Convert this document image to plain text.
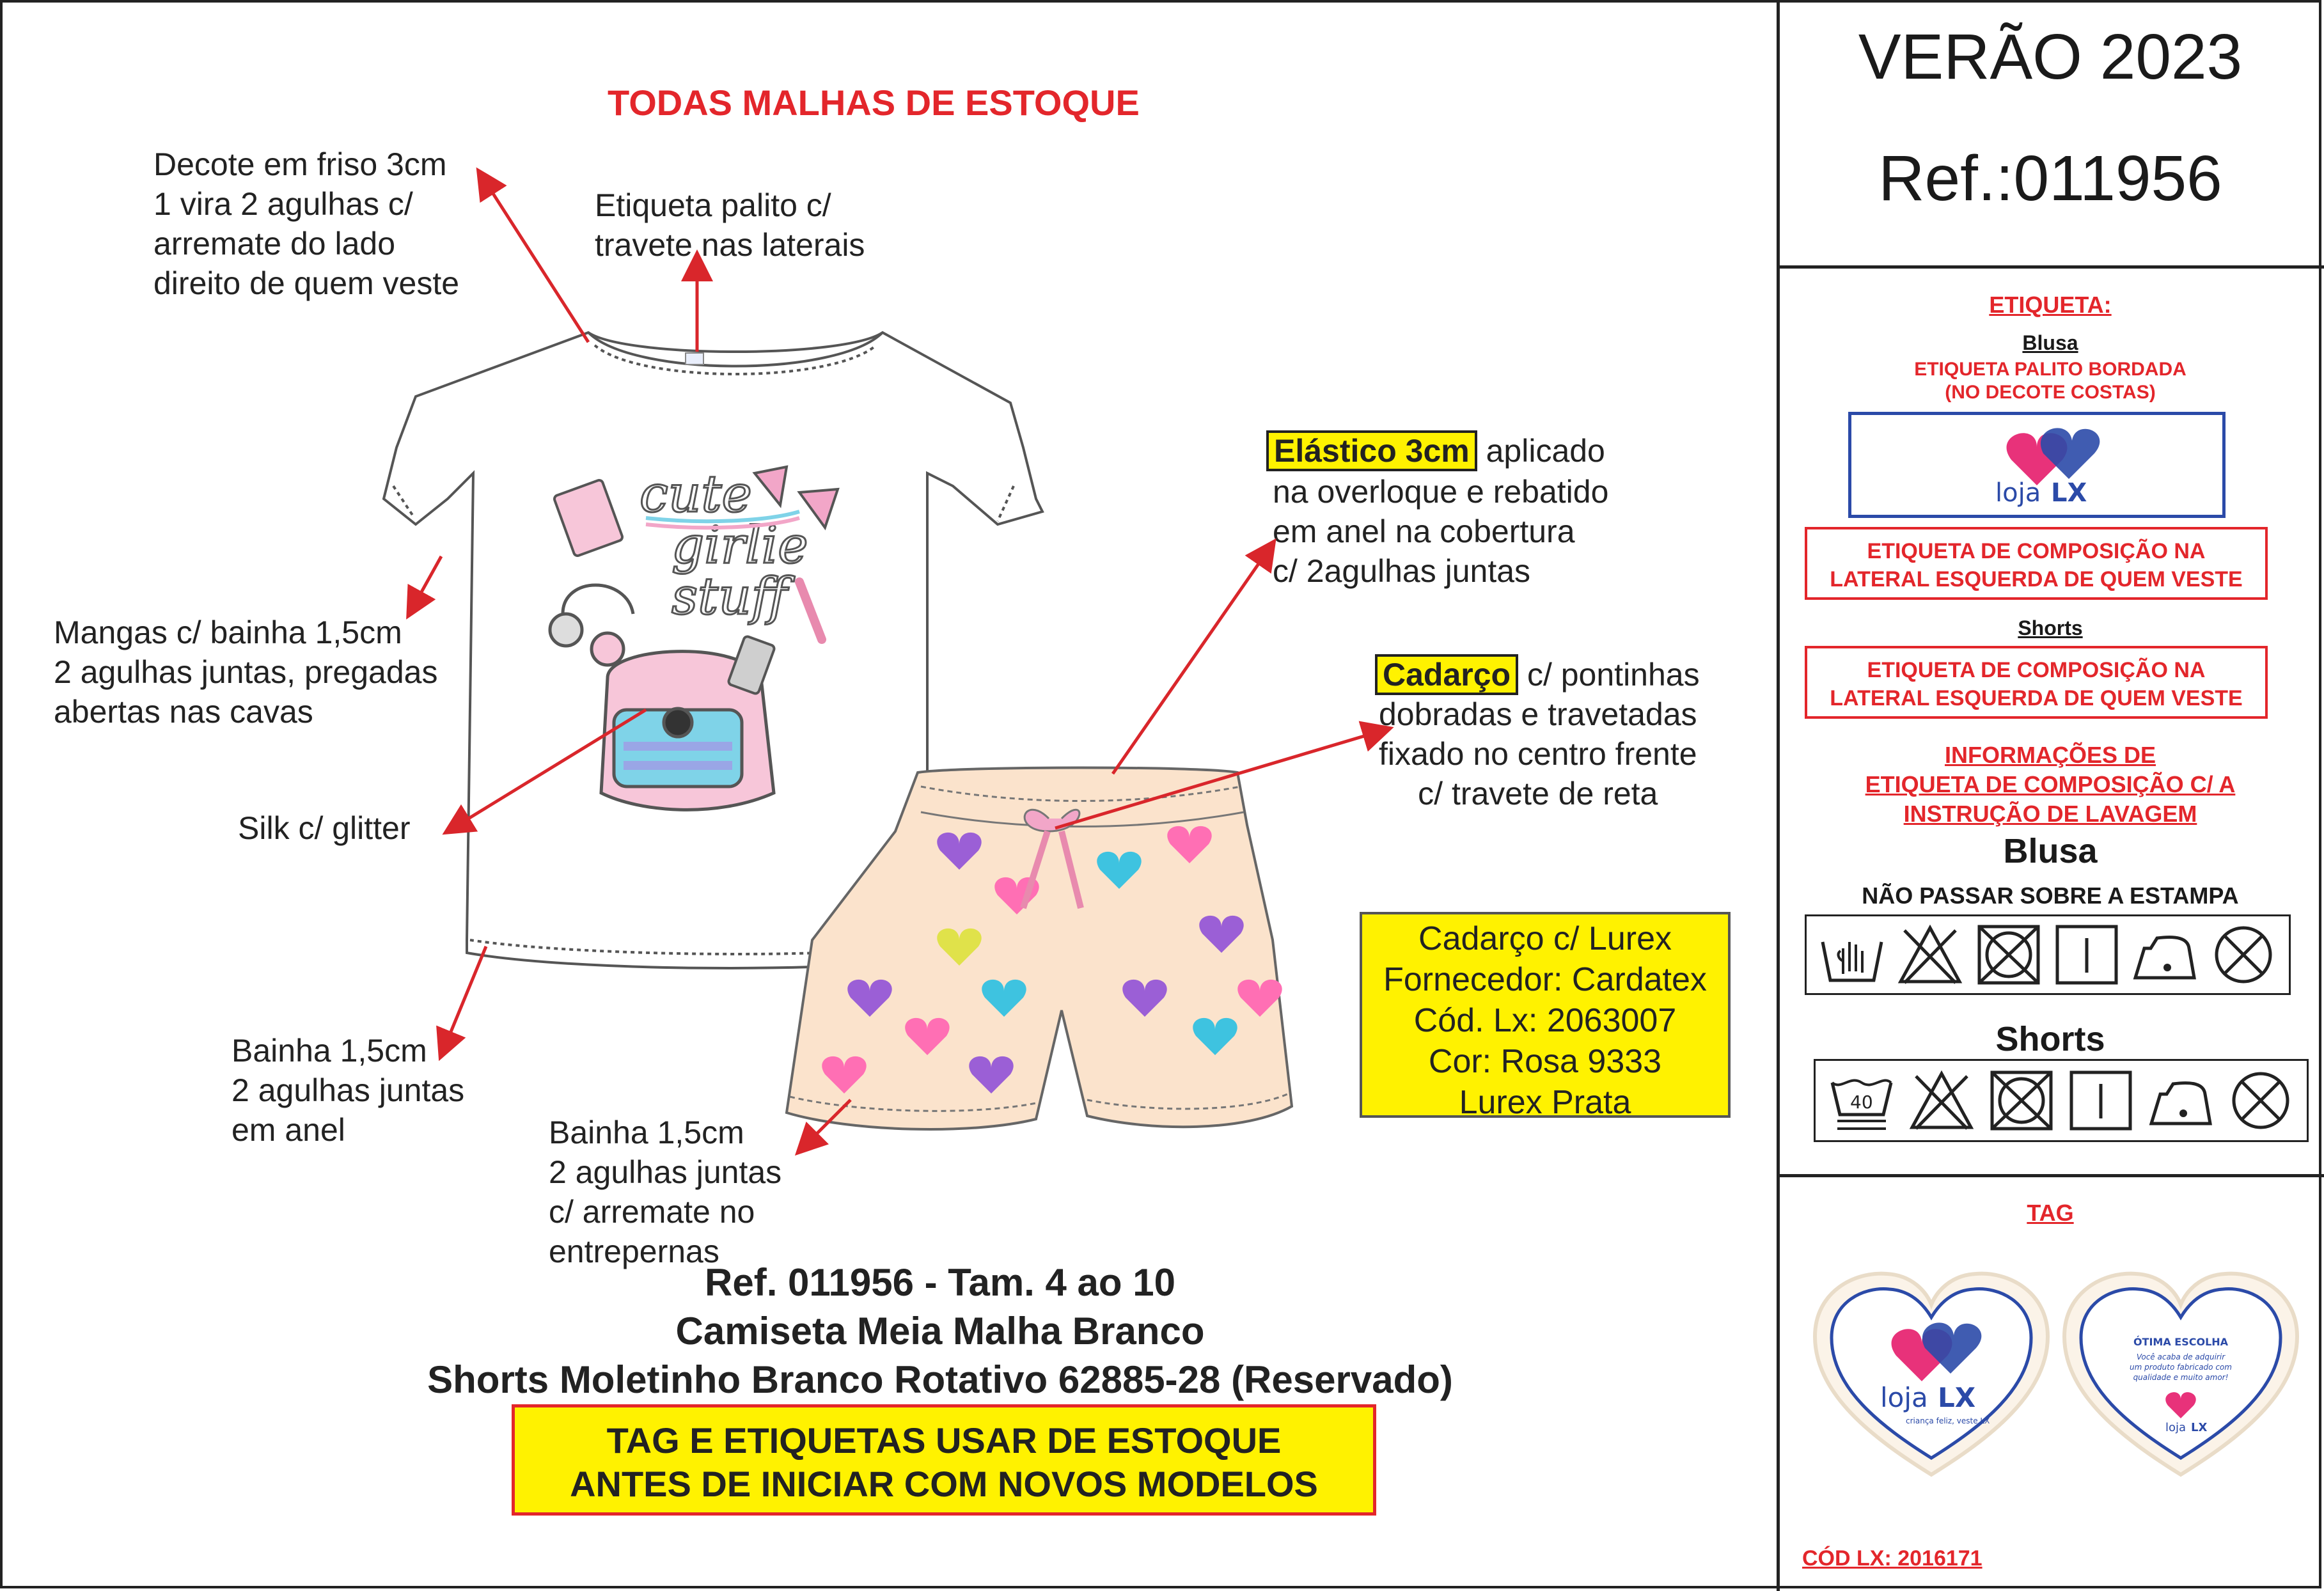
TODAS MALHAS DE ESTOQUE
Decote em friso 3cm
1 vira 2 agulhas c/
arremate do lado
direito de quem veste
Etiqueta palito c/
travete nas laterais
Mangas c/ bainha 1,5cm
2 agulhas juntas, pregadas
abertas nas cavas
Silk c/ glitter
Bainha 1,5cm
2 agulhas juntas
em anel	Bainha 1,5cm
2 agulhas juntas
c/ arremate no
entrepernas
Elástico 3cm aplicado
na overloque e rebatido
em anel na cobertura
c/ 2agulhas juntas
Cadarço c/ pontinhas
dobradas e travetadas
fixado no centro frente
c/ travete de reta
Cadarço c/ Lurex
Fornecedor: Cardatex
Cód. Lx: 2063007
Cor: Rosa 9333
Lurex Prata
cute
girlie
stuff
Ref. 011956 - Tam. 4 ao 10
Camiseta Meia Malha Branco
Shorts Moletinho Branco Rotativo 62885-28 (Reservado)
TAG E ETIQUETAS USAR DE ESTOQUE
ANTES DE INICIAR COM NOVOS MODELOS
VERÃO 2023
Ref.:011956
ETIQUETA:
Blusa
ETIQUETA PALITO BORDADA
(NO DECOTE COSTAS)
loja LX
ETIQUETA DE COMPOSIÇÃO NA
LATERAL ESQUERDA DE QUEM VESTE
Shorts
ETIQUETA DE COMPOSIÇÃO NA
LATERAL ESQUERDA DE QUEM VESTE
INFORMAÇÕES DE
ETIQUETA DE COMPOSIÇÃO C/ A
INSTRUÇÃO DE LAVAGEM
Blusa
NÃO PASSAR SOBRE A ESTAMPA
Shorts
40
TAG
loja LX
criança feliz, veste LX
ÓTIMA ESCOLHA
Você acaba de adquirir um produto fabricado com qualidade e muito amor!
loja LX
CÓD LX: 2016171
